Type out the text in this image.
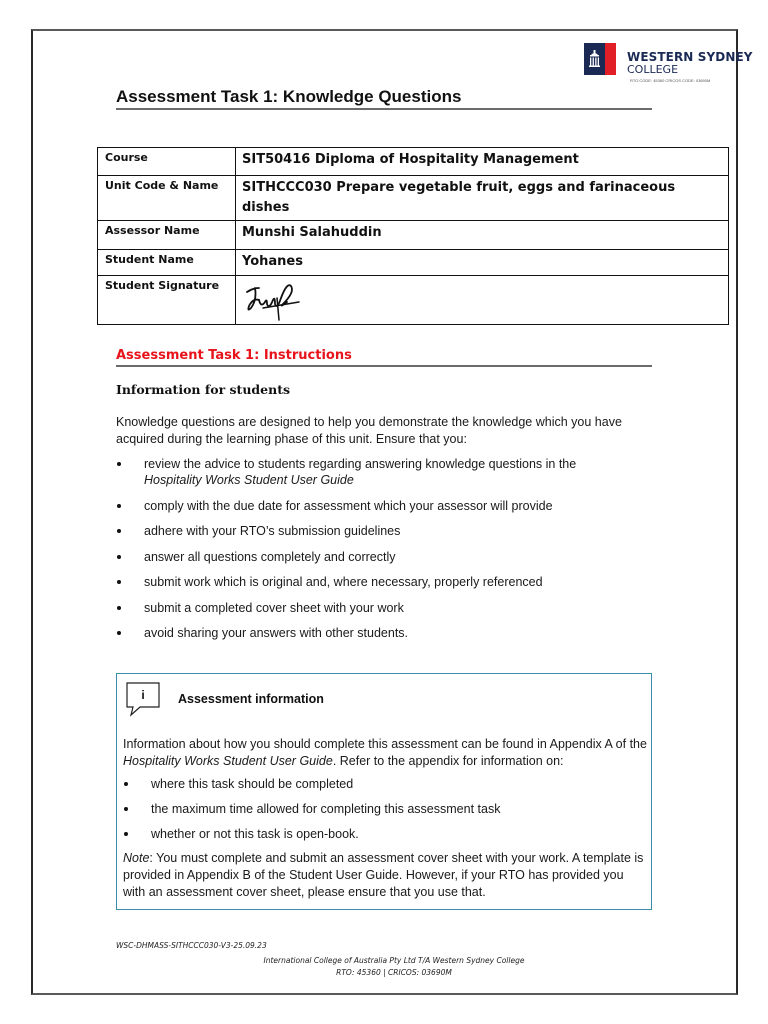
WESTERN SYDNEY
COLLEGE
RTO CODE: 45360 CRICOS CODE: 03690M
Assessment Task 1: Knowledge Questions
Course	SIT50416 Diploma of Hospitality Management
Unit Code & Name	SITHCCC030 Prepare vegetable fruit, eggs and farinaceous dishes
Assessor Name	Munshi Salahuddin
Student Name	Yohanes
Student Signature	
Assessment Task 1: Instructions
Information for students
Knowledge questions are designed to help you demonstrate the knowledge which you have acquired during the learning phase of this unit. Ensure that you:
review the advice to students regarding answering knowledge questions in the
Hospitality Works Student User Guide
comply with the due date for assessment which your assessor will provide
adhere with your RTO’s submission guidelines
answer all questions completely and correctly
submit work which is original and, where necessary, properly referenced
submit a completed cover sheet with your work
avoid sharing your answers with other students.
i	Assessment information
Information about how you should complete this assessment can be found in Appendix A of the Hospitality Works Student User Guide. Refer to the appendix for information on:
where this task should be completed
the maximum time allowed for completing this assessment task
whether or not this task is open-book.
Note: You must complete and submit an assessment cover sheet with your work. A template is provided in Appendix B of the Student User Guide. However, if your RTO has provided you with an assessment cover sheet, please ensure that you use that.
WSC-DHMASS-SITHCCC030-V3-25.09.23
International College of Australia Pty Ltd T/A Western Sydney College
RTO: 45360 | CRICOS: 03690M
